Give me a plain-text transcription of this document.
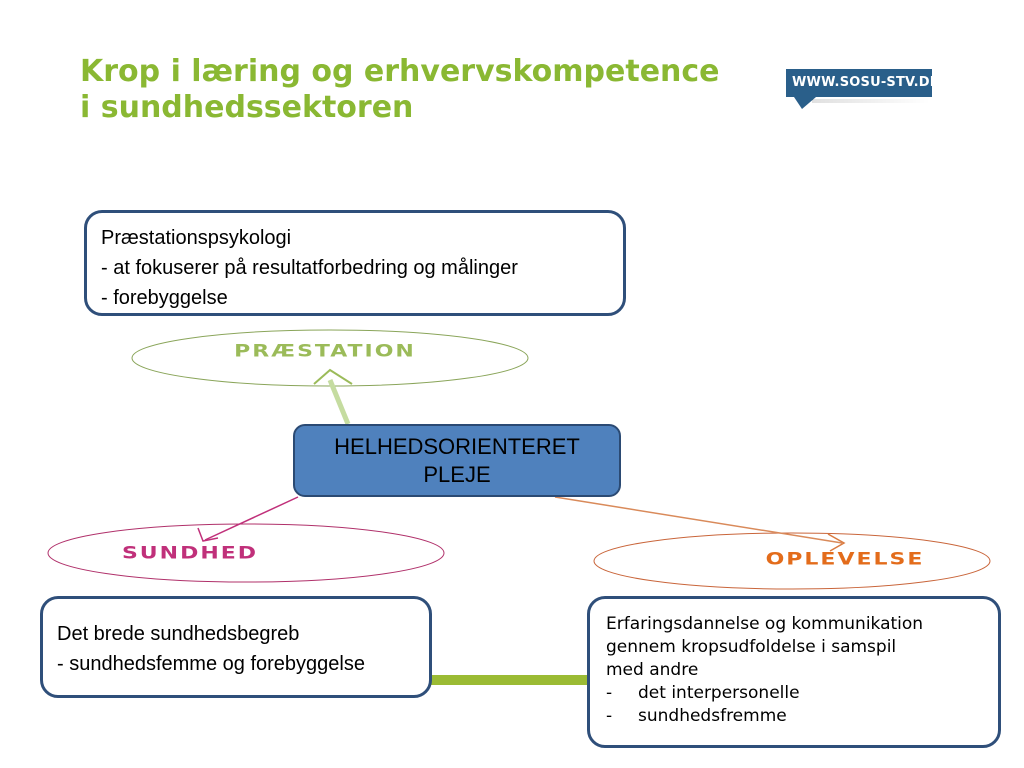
Krop i læring og erhvervskompetence
i sundhedssektoren
WWW.SOSU-STV.DK
PRÆSTATION
SUNDHED	OPLEVELSE
Præstationspsykologi
- at fokuserer på resultatforbedring og målinger
- forebyggelse
HELHEDSORIENTERET
PLEJE
Det brede sundhedsbegreb
- sundhedsfemme og forebyggelse
Erfaringsdannelse og kommunikation
gennem kropsudfoldelse i samspil
med andre
-	det interpersonelle
-	sundhedsfremme
